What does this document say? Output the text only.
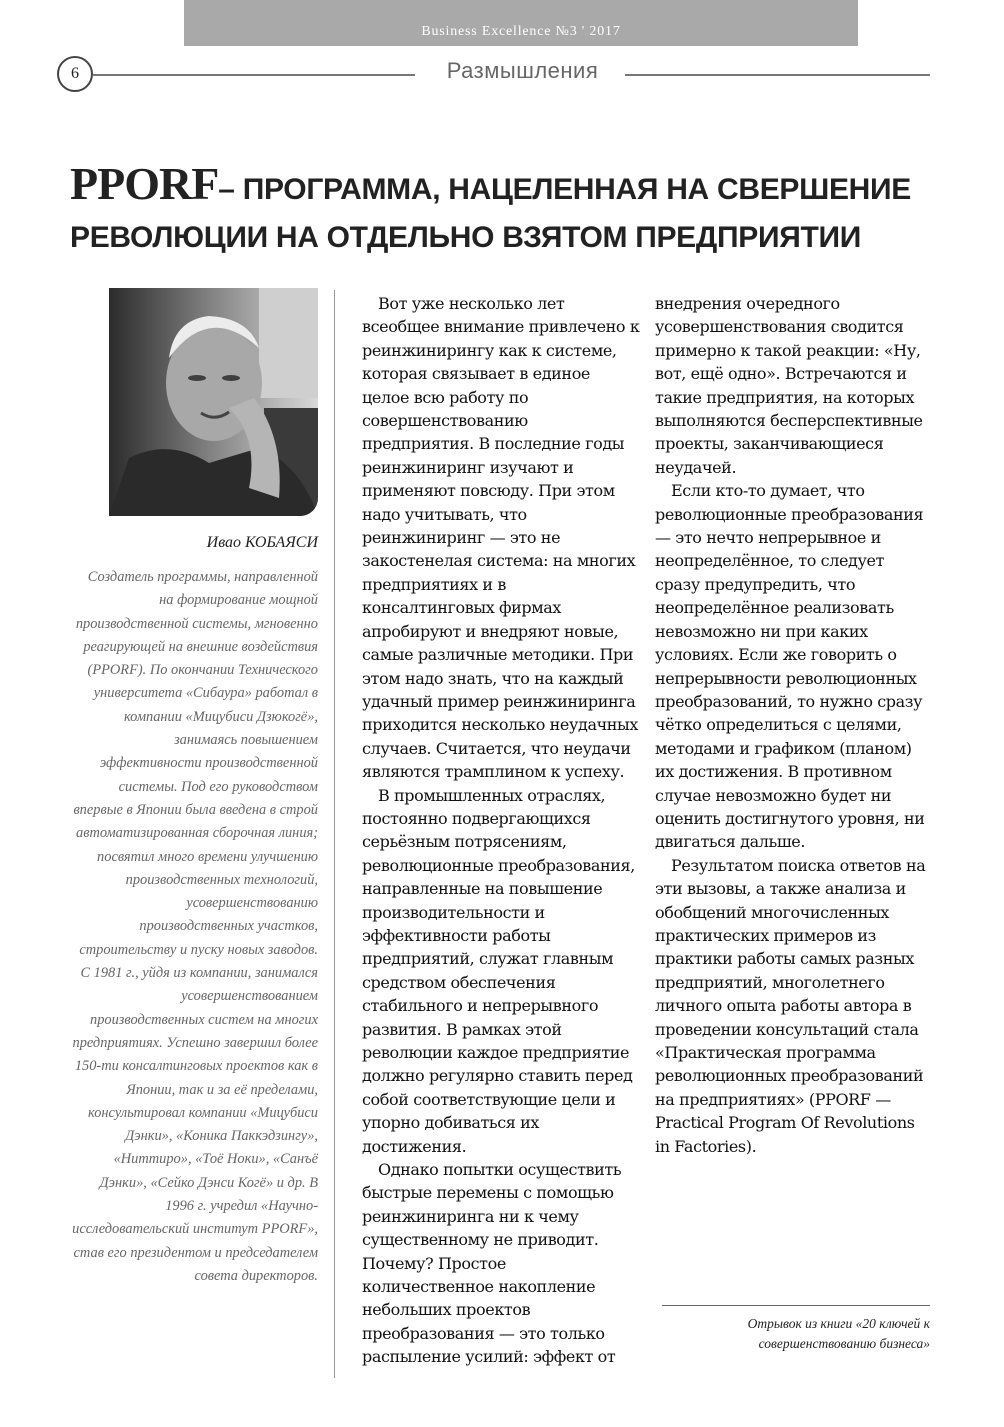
Business Excellence №3 ' 2017
6	Размышления
PPORF– ПРОГРАММА, НАЦЕЛЕННАЯ НА СВЕРШЕНИЕ РЕВОЛЮЦИИ НА ОТДЕЛЬНО ВЗЯТОМ ПРЕДПРИЯТИИ
Ивао КОБАЯСИ

Создатель программы, направленной на формирование мощной производственной системы, мгновенно реагирующей на внешние воздействия (PPORF). По окончании Технического университета «Сибаура» работал в компании «Мицубиси Дзюкогё», занимаясь повышением эффективности производственной системы. Под его руководством впервые в Японии была введена в строй автоматизированная сборочная линия; посвятил много времени улучшению производственных технологий, усовершенствованию производственных участков, строительству и пуску новых заводов. С 1981 г., уйдя из компании, занимался усовершенствованием производственных систем на многих предприятиях. Успешно завершил более 150-ти консалтинговых проектов как в Японии, так и за её пределами, консультировал компании «Мицубиси Дэнки», «Коника Паккэдзингу», «Ниттиро», «Тоё Ноки», «Санъё Дэнки», «Сейко Дэнси Когё» и др. В 1996 г. учредил «Научно-исследовательский институт PPORF», став его президентом и председателем совета директоров.

Вот уже несколько лет всеобщее внимание привлечено к реинжинирингу как к системе, которая связывает в единое целое всю работу по совершенствованию предприятия. В последние годы реинжиниринг изучают и применяют повсюду. При этом надо учитывать, что реинжиниринг — это не закостенелая система: на многих предприятиях и в консалтинговых фирмах апробируют и внедряют новые, самые различные методики. При этом надо знать, что на каждый удачный пример реинжиниринга приходится несколько неудачных случаев. Считается, что неудачи являются трамплином к успеху.

В промышленных отраслях, постоянно подвергающихся серьёзным потрясениям, революционные преобразования, направленные на повышение производительности и эффективности работы предприятий, служат главным средством обеспечения стабильного и непрерывного развития. В рамках этой революции каждое предприятие должно регулярно ставить перед собой соответствующие цели и упорно добиваться их достижения.

Однако попытки осуществить быстрые перемены с помощью реинжиниринга ни к чему существенному не приводит. Почему? Простое количественное накопление небольших проектов преобразования — это только распыление усилий: эффект от

внедрения очередного усовершенствования сводится примерно к такой реакции: «Ну, вот, ещё одно». Встречаются и такие предприятия, на которых выполняются бесперспективные проекты, заканчивающиеся неудачей.

Если кто-то думает, что революционные преобразования — это нечто непрерывное и неопределённое, то следует сразу предупредить, что неопределённое реализовать невозможно ни при каких условиях. Если же говорить о непрерывности революционных преобразований, то нужно сразу чётко определиться с целями, методами и графиком (планом) их достижения. В противном случае невозможно будет ни оценить достигнутого уровня, ни двигаться дальше.

Результатом поиска ответов на эти вызовы, а также анализа и обобщений многочисленных практических примеров из практики работы самых разных предприятий, многолетнего личного опыта работы автора в проведении консультаций стала «Практическая программа революционных преобразований на предприятиях» (PPORF — Practical Program Of Revolutions in Factories).

Отрывок из книги «20 ключей к совершенствованию бизнеса»
